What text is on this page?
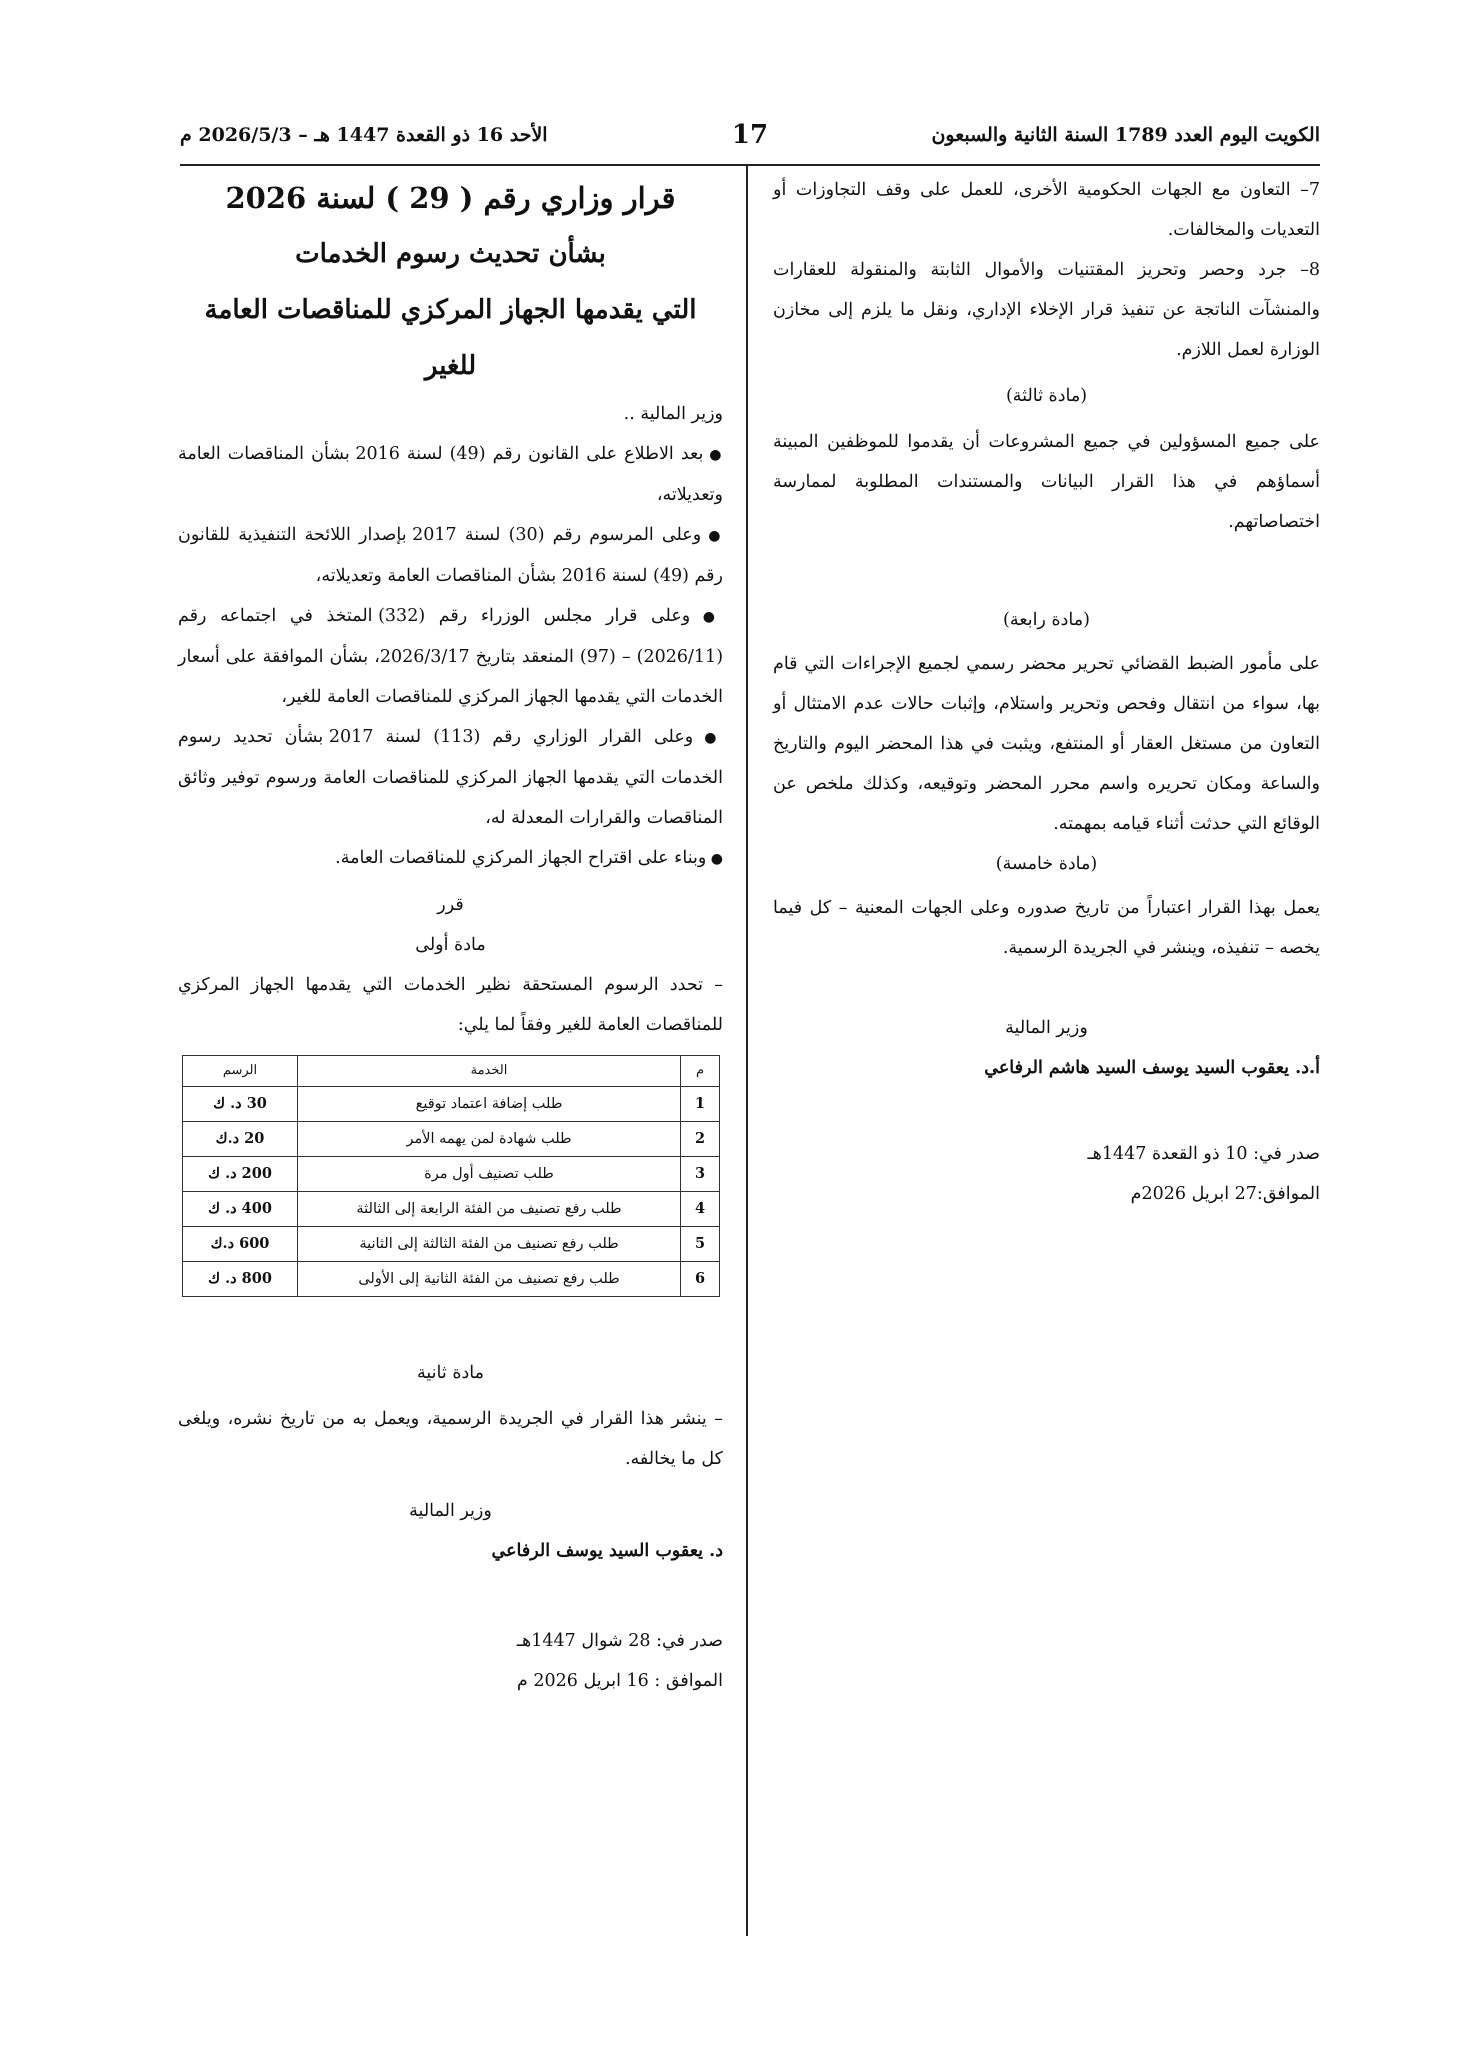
الكويت اليوم العدد 1789 السنة الثانية والسبعون
17
الأحد 16 ذو القعدة 1447 هـ – 2026/5/3 م

7– التعاون مع الجهات الحكومية الأخرى، للعمل على وقف التجاوزات أو التعديات والمخالفات.

8– جرد وحصر وتحريز المقتنيات والأموال الثابتة والمنقولة للعقارات والمنشآت الناتجة عن تنفيذ قرار الإخلاء الإداري، ونقل ما يلزم إلى مخازن الوزارة لعمل اللازم.

(مادة ثالثة)

على جميع المسؤولين في جميع المشروعات أن يقدموا للموظفين المبينة أسماؤهم في هذا القرار البيانات والمستندات المطلوبة لممارسة اختصاصاتهم.

(مادة رابعة)

على مأمور الضبط القضائي تحرير محضر رسمي لجميع الإجراءات التي قام بها، سواء من انتقال وفحص وتحرير واستلام، وإثبات حالات عدم الامتثال أو التعاون من مستغل العقار أو المنتفع، ويثبت في هذا المحضر اليوم والتاريخ والساعة ومكان تحريره واسم محرر المحضر وتوقيعه، وكذلك ملخص عن الوقائع التي حدثت أثناء قيامه بمهمته.

(مادة خامسة)

يعمل بهذا القرار اعتباراً من تاريخ صدوره وعلى الجهات المعنية – كل فيما يخصه – تنفيذه، وينشر في الجريدة الرسمية.

وزير المالية

أ.د. يعقوب السيد يوسف السيد هاشم الرفاعي

صدر في: 10 ذو القعدة 1447هـ

الموافق:27 ابريل 2026م

قرار وزاري رقم ( 29 ) لسنة 2026

بشأن تحديث رسوم الخدمات

التي يقدمها الجهاز المركزي للمناقصات العامة للغير

وزير المالية ..

● بعد الاطلاع على القانون رقم (49) لسنة 2016 بشأن المناقصات العامة وتعديلاته،

● وعلى المرسوم رقم (30) لسنة 2017 بإصدار اللائحة التنفيذية للقانون رقم (49) لسنة 2016 بشأن المناقصات العامة وتعديلاته،

● وعلى قرار مجلس الوزراء رقم (332) المتخذ في اجتماعه رقم (2026/11) – (97) المنعقد بتاريخ 2026/3/17، بشأن الموافقة على أسعار الخدمات التي يقدمها الجهاز المركزي للمناقصات العامة للغير،

● وعلى القرار الوزاري رقم (113) لسنة 2017 بشأن تحديد رسوم الخدمات التي يقدمها الجهاز المركزي للمناقصات العامة ورسوم توفير وثائق المناقصات والقرارات المعدلة له،

● وبناء على اقتراح الجهاز المركزي للمناقصات العامة.

قرر

مادة أولى

– تحدد الرسوم المستحقة نظير الخدمات التي يقدمها الجهاز المركزي للمناقصات العامة للغير وفقاً لما يلي:

م	الخدمة	الرسم
1	طلب إضافة اعتماد توقيع	30 د. ك
2	طلب شهادة لمن يهمه الأمر	20 د.ك
3	طلب تصنيف أول مرة	200 د. ك
4	طلب رفع تصنيف من الفئة الرابعة إلى الثالثة	400 د. ك
5	طلب رفع تصنيف من الفئة الثالثة إلى الثانية	600 د.ك
6	طلب رفع تصنيف من الفئة الثانية إلى الأولى	800 د. ك

مادة ثانية

– ينشر هذا القرار في الجريدة الرسمية، ويعمل به من تاريخ نشره، ويلغى كل ما يخالفه.

وزير المالية

د. يعقوب السيد يوسف الرفاعي

صدر في: 28 شوال 1447هـ

الموافق : 16 ابريل 2026 م
